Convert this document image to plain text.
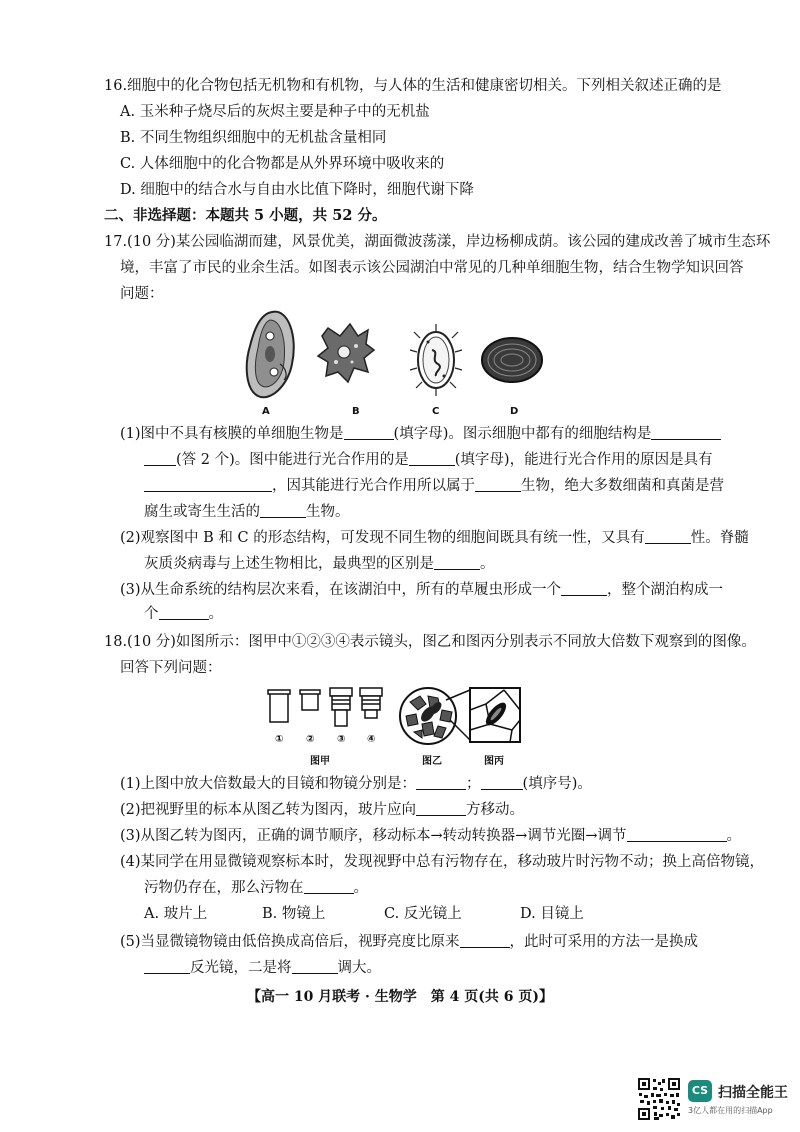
16.细胞中的化合物包括无机物和有机物，与人体的生活和健康密切相关。下列相关叙述正确的是
A. 玉米种子烧尽后的灰烬主要是种子中的无机盐
B. 不同生物组织细胞中的无机盐含量相同
C. 人体细胞中的化合物都是从外界环境中吸收来的
D. 细胞中的结合水与自由水比值下降时，细胞代谢下降
二、非选择题：本题共 5 小题，共 52 分。
17.(10 分)某公园临湖而建，风景优美，湖面微波荡漾，岸边杨柳成荫。该公园的建成改善了城市生态环
境，丰富了市民的业余生活。如图表示该公园湖泊中常见的几种单细胞生物，结合生物学知识回答
问题：
A	B	C	D
(1)图中不具有核膜的单细胞生物是	(填字母)。图示细胞中都有的细胞结构是
(答 2 个)。图中能进行光合作用的是	(填字母)，能进行光合作用的原因是具有
，因其能进行光合作用所以属于	生物，绝大多数细菌和真菌是营
腐生或寄生生活的	生物。
(2)观察图中 B 和 C 的形态结构，可发现不同生物的细胞间既具有统一性，又具有	性。脊髓
灰质炎病毒与上述生物相比，最典型的区别是	。
(3)从生命系统的结构层次来看，在该湖泊中，所有的草履虫形成一个	，整个湖泊构成一
个	。
18.(10 分)如图所示：图甲中①②③④表示镜头，图乙和图丙分别表示不同放大倍数下观察到的图像。
回答下列问题：
① ② ③ ④
图甲	图乙	图丙
(1)上图中放大倍数最大的目镜和物镜分别是：	；	(填序号)。
(2)把视野里的标本从图乙转为图丙，玻片应向	方移动。
(3)从图乙转为图丙，正确的调节顺序，移动标本→转动转换器→调节光圈→调节	。
(4)某同学在用显微镜观察标本时，发现视野中总有污物存在，移动玻片时污物不动；换上高倍物镜，
污物仍存在，那么污物在	。
A. 玻片上	B. 物镜上	C. 反光镜上	D. 目镜上
(5)当显微镜物镜由低倍换成高倍后，视野亮度比原来	，此时可采用的方法一是换成
反光镜，二是将	调大。
【高一 10 月联考 · 生物学　第 4 页(共 6 页)】
CS 扫描全能王
3亿人都在用的扫描App
